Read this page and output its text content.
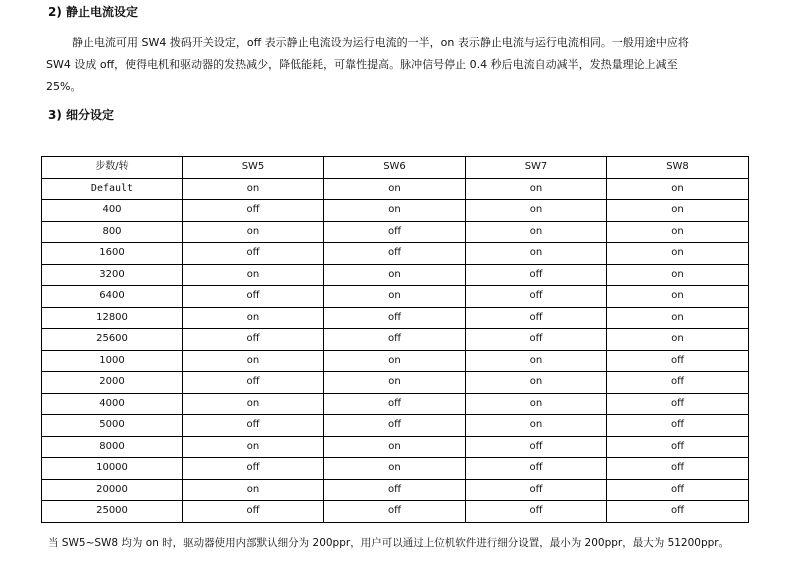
2) 静止电流设定
静止电流可用 SW4 拨码开关设定，off 表示静止电流设为运行电流的一半，on 表示静止电流与运行电流相同。一般用途中应将
SW4 设成 off，使得电机和驱动器的发热减少，降低能耗，可靠性提高。脉冲信号停止 0.4 秒后电流自动减半，发热量理论上减至
25%。
3) 细分设定
步数/转	SW5	SW6	SW7	SW8
Default	on	on	on	on
400	off	on	on	on
800	on	off	on	on
1600	off	off	on	on
3200	on	on	off	on
6400	off	on	off	on
12800	on	off	off	on
25600	off	off	off	on
1000	on	on	on	off
2000	off	on	on	off
4000	on	off	on	off
5000	off	off	on	off
8000	on	on	off	off
10000	off	on	off	off
20000	on	off	off	off
25000	off	off	off	off
当 SW5~SW8 均为 on 时，驱动器使用内部默认细分为 200ppr，用户可以通过上位机软件进行细分设置，最小为 200ppr，最大为 51200ppr。
